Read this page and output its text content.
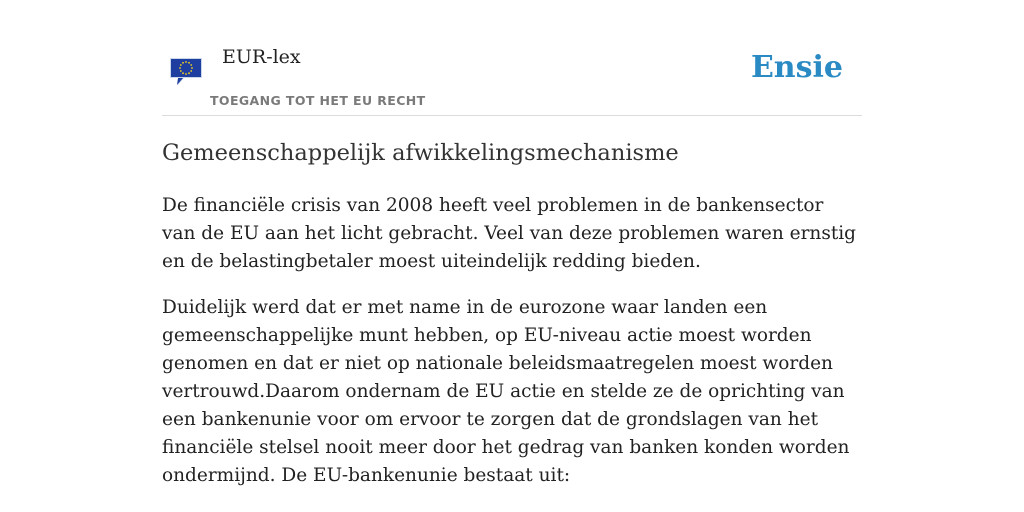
EUR-lex
TOEGANG TOT HET EU RECHT
Ensie
Gemeenschappelijk afwikkelingsmechanisme

De financiële crisis van 2008 heeft veel problemen in de bankensector van de EU aan het licht gebracht. Veel van deze problemen waren ernstig en de belastingbetaler moest uiteindelijk redding bieden.

Duidelijk werd dat er met name in de eurozone waar landen een gemeenschappelijke munt hebben, op EU-niveau actie moest worden genomen en dat er niet op nationale beleidsmaatregelen moest worden vertrouwd.Daarom ondernam de EU actie en stelde ze de oprichting van een bankenunie voor om ervoor te zorgen dat de grondslagen van het financiële stelsel nooit meer door het gedrag van banken konden worden ondermijnd. De EU-bankenunie bestaat uit:
